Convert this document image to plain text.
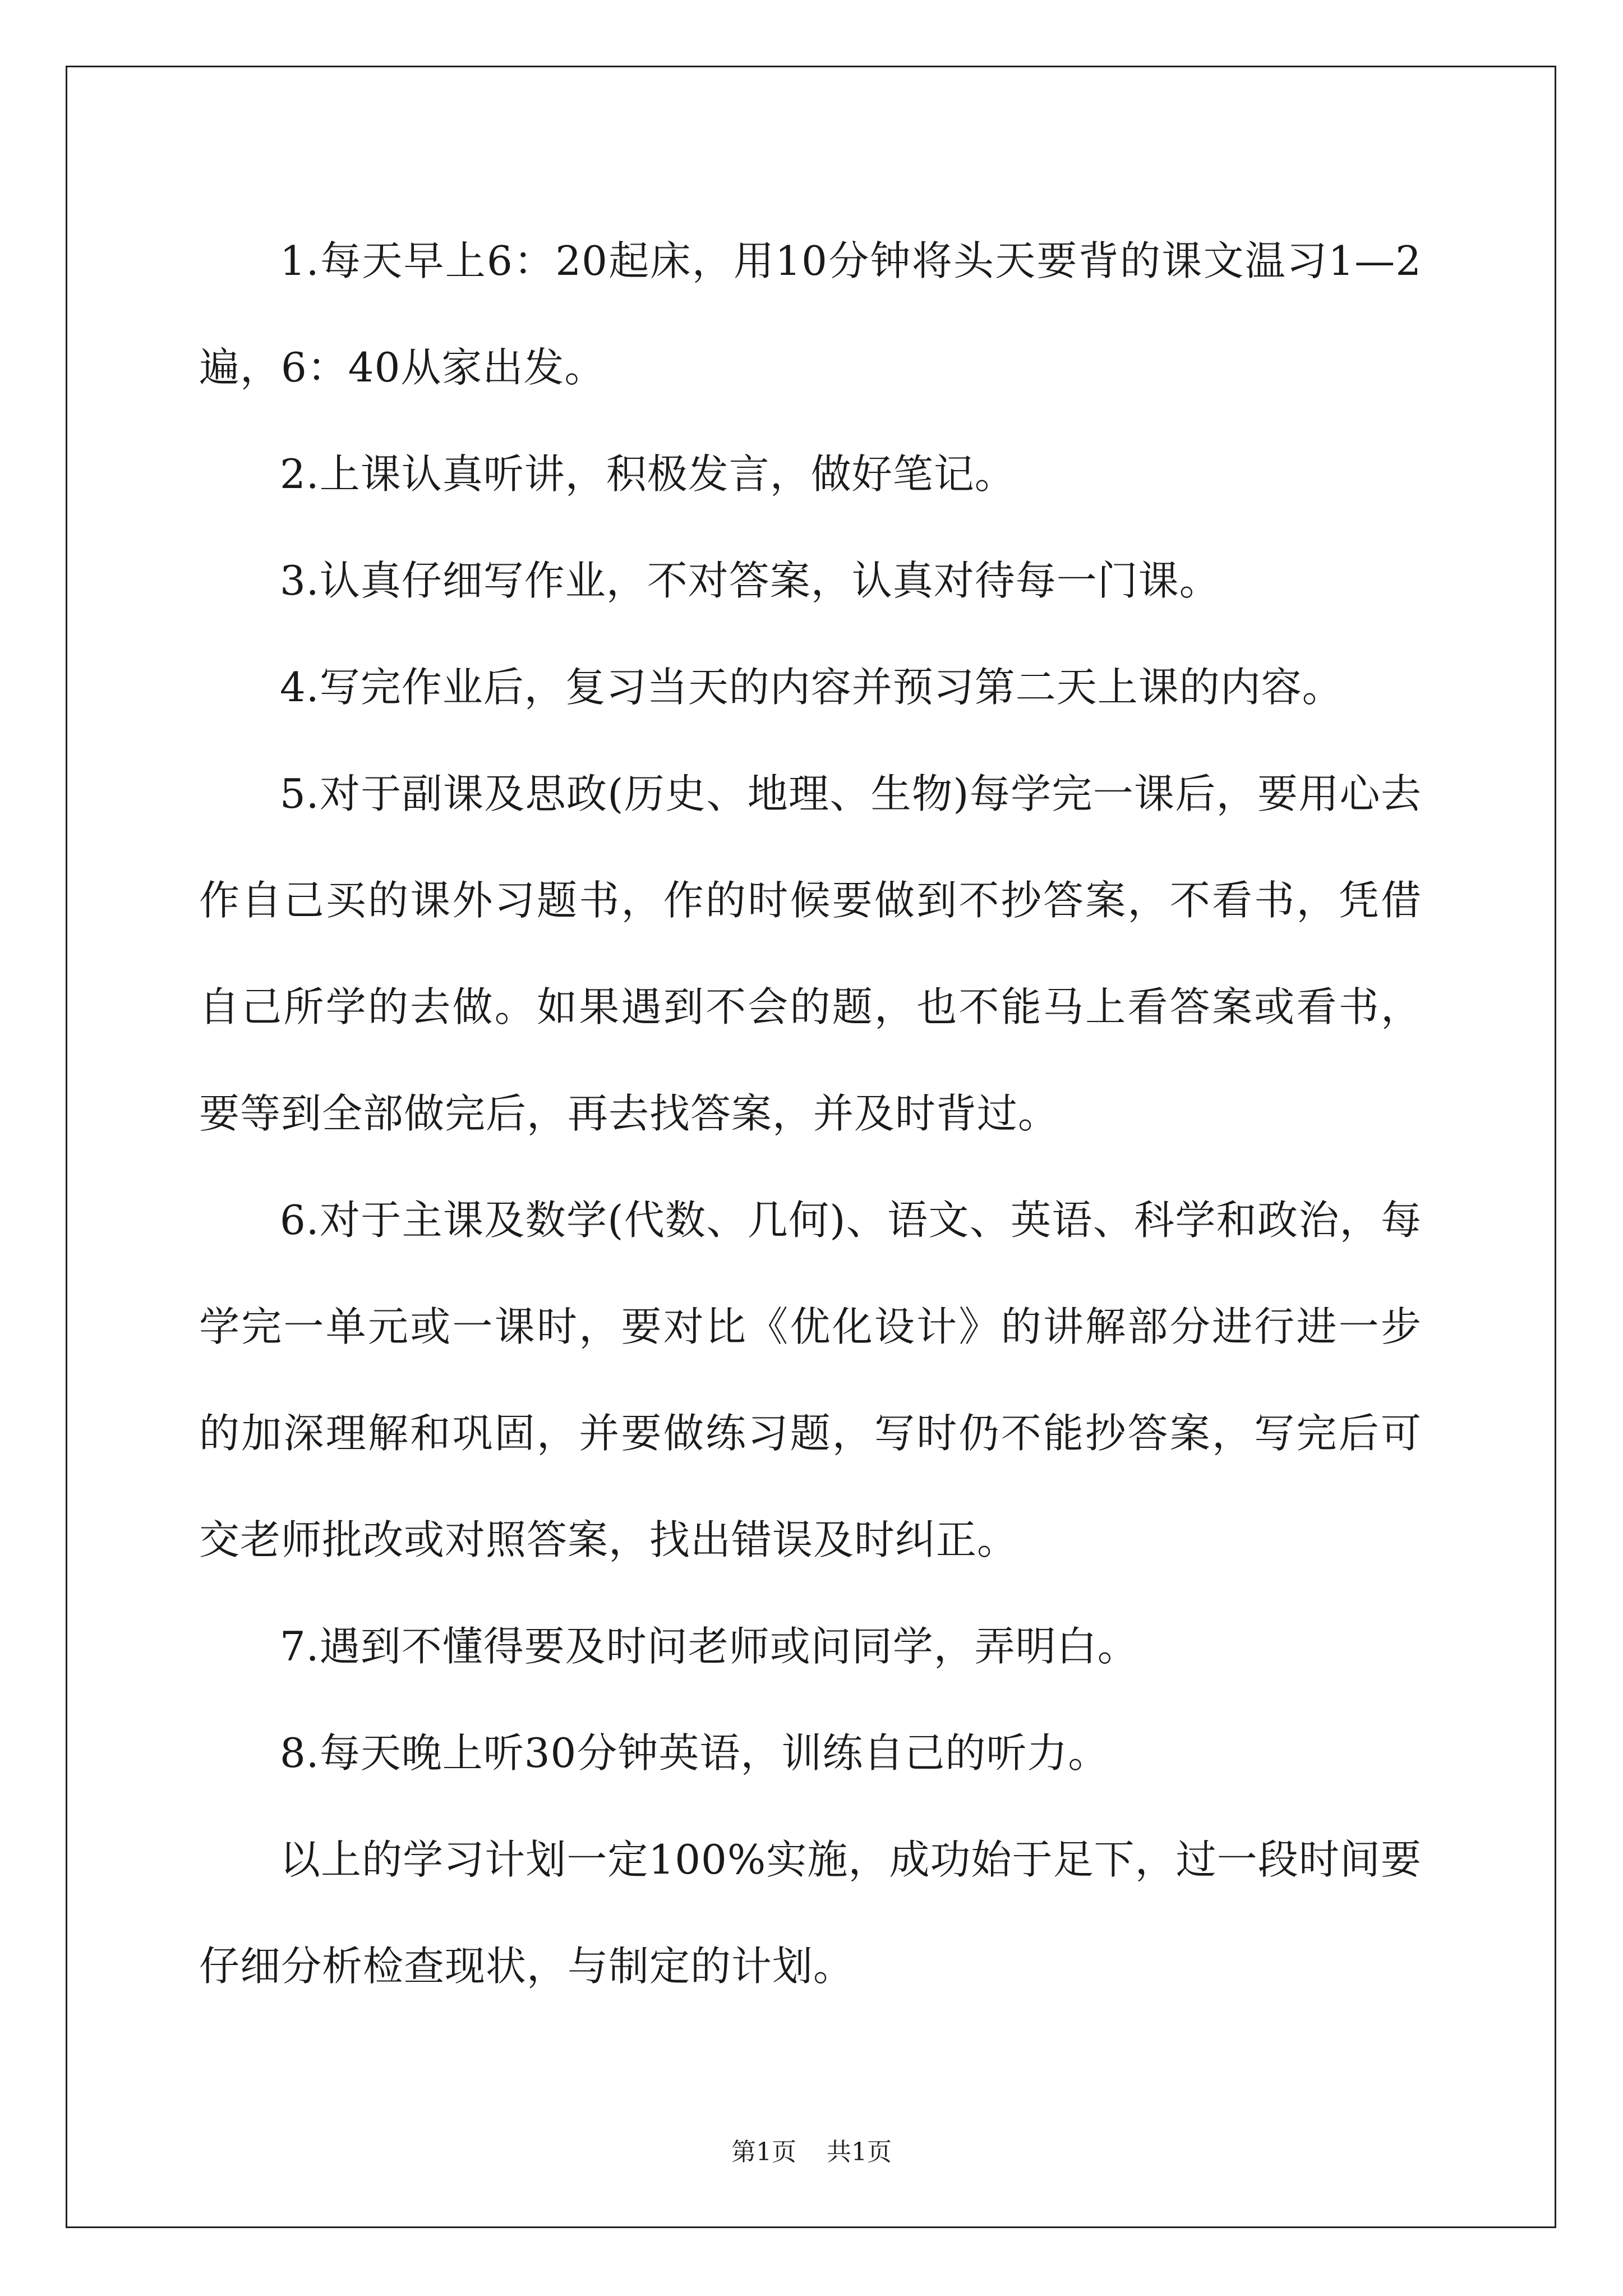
1.每天早上6：20起床，用10分钟将头天要背的课文温习1—2遍，6：40从家出发。

2.上课认真听讲，积极发言，做好笔记。

3.认真仔细写作业，不对答案，认真对待每一门课。

4.写完作业后，复习当天的内容并预习第二天上课的内容。

5.对于副课及思政(历史、地理、生物)每学完一课后，要用心去作自己买的课外习题书，作的时候要做到不抄答案，不看书，凭借自己所学的去做。如果遇到不会的题，也不能马上看答案或看书，要等到全部做完后，再去找答案，并及时背过。

6.对于主课及数学(代数、几何)、语文、英语、科学和政治，每学完一单元或一课时，要对比《优化设计》的讲解部分进行进一步的加深理解和巩固，并要做练习题，写时仍不能抄答案，写完后可交老师批改或对照答案，找出错误及时纠正。

7.遇到不懂得要及时问老师或问同学，弄明白。

8.每天晚上听30分钟英语，训练自己的听力。

以上的学习计划一定100%实施，成功始于足下，过一段时间要仔细分析检查现状，与制定的计划。

第1页 共1页
